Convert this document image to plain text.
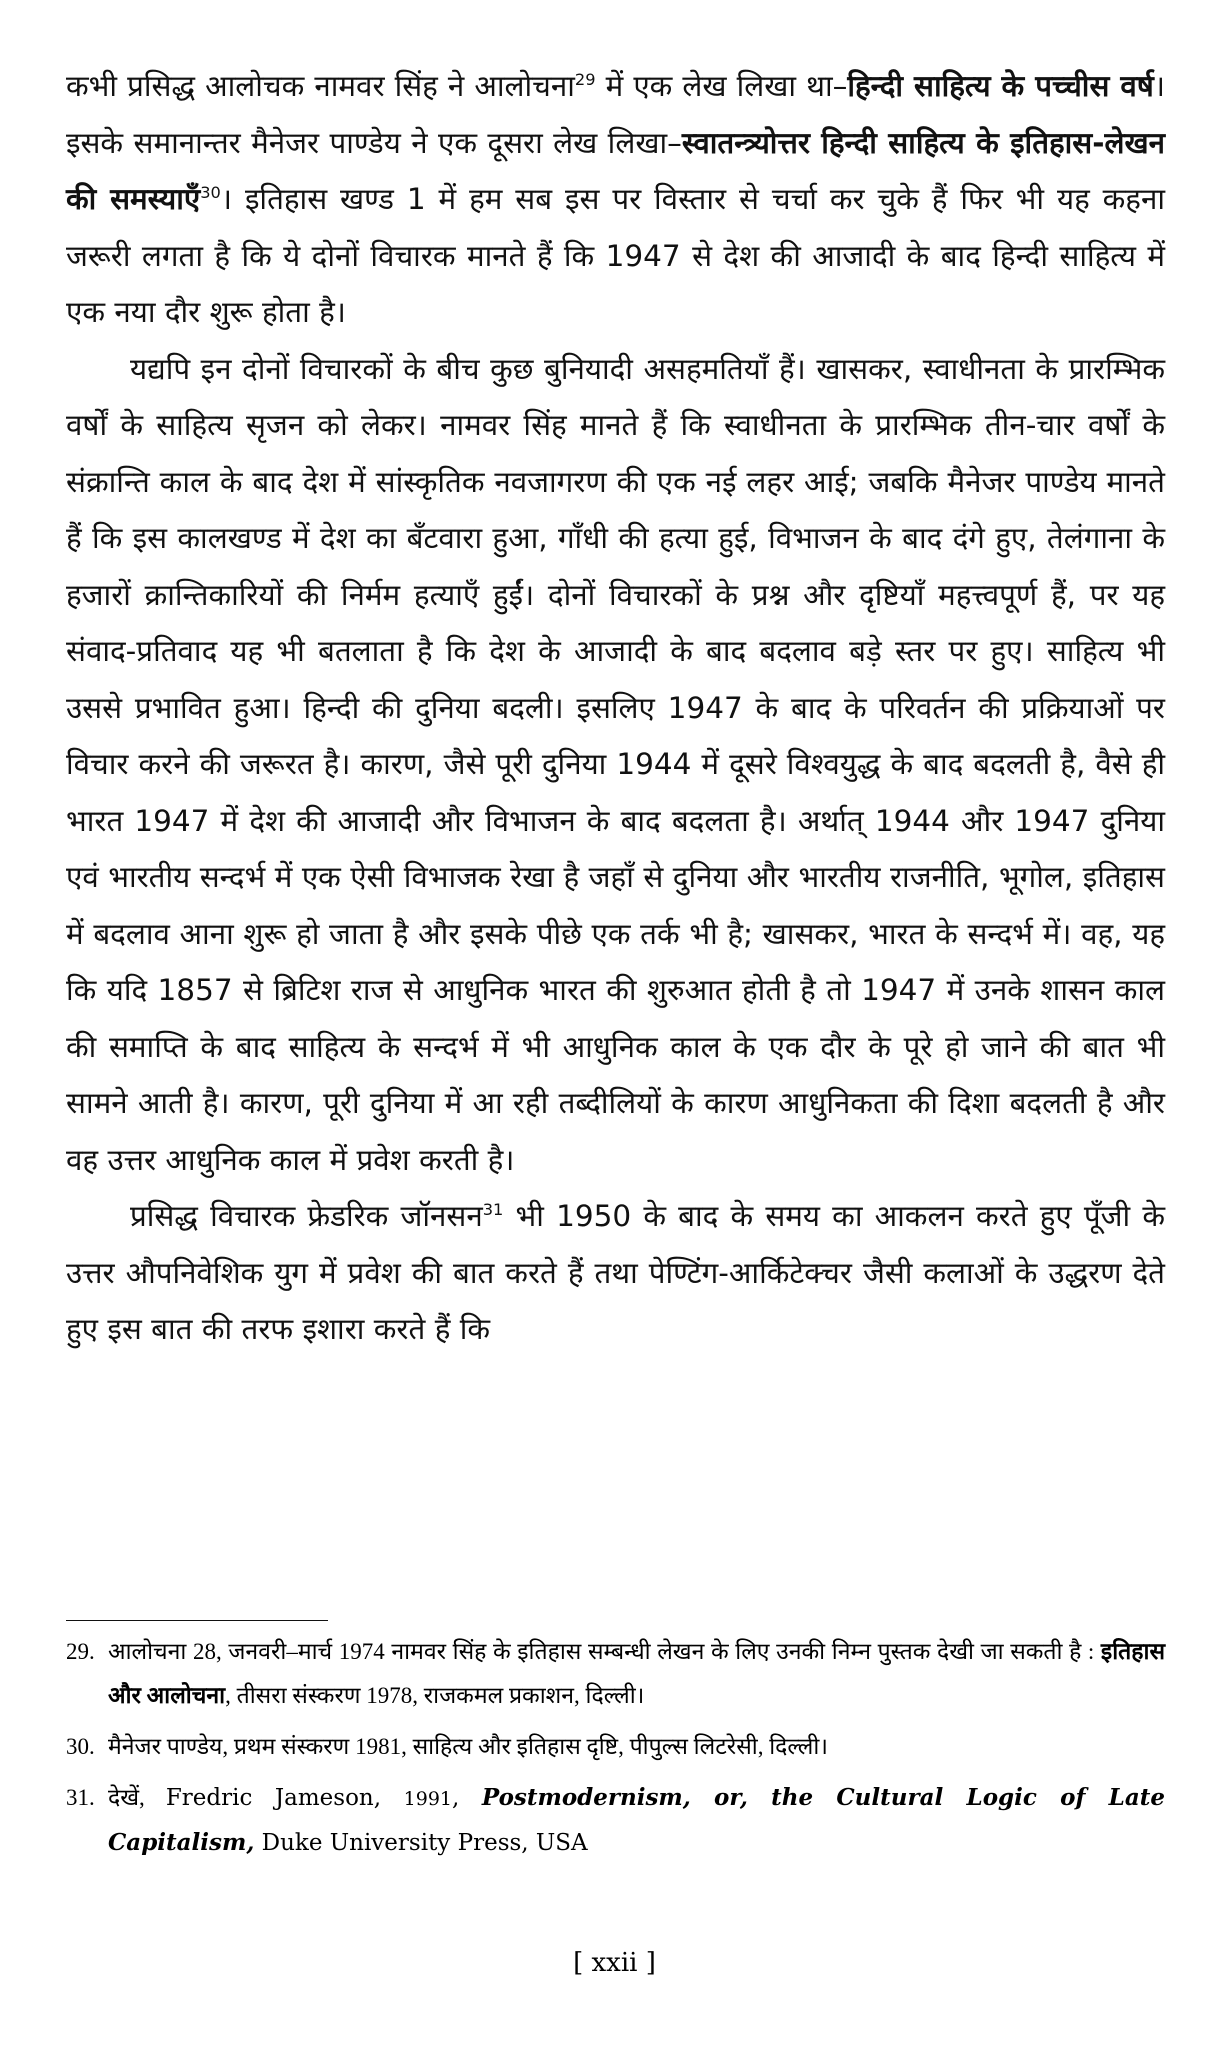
कभी प्रसिद्ध आलोचक नामवर सिंह ने आलोचना$^{29}$ में एक लेख लिखा था–हिन्दी साहित्य के पच्चीस वर्ष। इसके समानान्तर मैनेजर पाण्डेय ने एक दूसरा लेख लिखा–स्वातन्त्र्योत्तर हिन्दी साहित्य के इतिहास-लेखन की समस्याएँ$^{30}$। इतिहास खण्ड 1 में हम सब इस पर विस्तार से चर्चा कर चुके हैं फिर भी यह कहना जरूरी लगता है कि ये दोनों विचारक मानते हैं कि 1947 से देश की आजादी के बाद हिन्दी साहित्य में एक नया दौर शुरू होता है।

यद्यपि इन दोनों विचारकों के बीच कुछ बुनियादी असहमतियाँ हैं। खासकर, स्वाधीनता के प्रारम्भिक वर्षों के साहित्य सृजन को लेकर। नामवर सिंह मानते हैं कि स्वाधीनता के प्रारम्भिक तीन-चार वर्षों के संक्रान्ति काल के बाद देश में सांस्कृतिक नवजागरण की एक नई लहर आई; जबकि मैनेजर पाण्डेय मानते हैं कि इस कालखण्ड में देश का बँटवारा हुआ, गाँधी की हत्या हुई, विभाजन के बाद दंगे हुए, तेलंगाना के हजारों क्रान्तिकारियों की निर्मम हत्याएँ हुईं। दोनों विचारकों के प्रश्न और दृष्टियाँ महत्त्वपूर्ण हैं, पर यह संवाद-प्रतिवाद यह भी बतलाता है कि देश के आजादी के बाद बदलाव बड़े स्तर पर हुए। साहित्य भी उससे प्रभावित हुआ। हिन्दी की दुनिया बदली। इसलिए 1947 के बाद के परिवर्तन की प्रक्रियाओं पर विचार करने की जरूरत है। कारण, जैसे पूरी दुनिया 1944 में दूसरे विश्वयुद्ध के बाद बदलती है, वैसे ही भारत 1947 में देश की आजादी और विभाजन के बाद बदलता है। अर्थात् 1944 और 1947 दुनिया एवं भारतीय सन्दर्भ में एक ऐसी विभाजक रेखा है जहाँ से दुनिया और भारतीय राजनीति, भूगोल, इतिहास में बदलाव आना शुरू हो जाता है और इसके पीछे एक तर्क भी है; खासकर, भारत के सन्दर्भ में। वह, यह कि यदि 1857 से ब्रिटिश राज से आधुनिक भारत की शुरुआत होती है तो 1947 में उनके शासन काल की समाप्ति के बाद साहित्य के सन्दर्भ में भी आधुनिक काल के एक दौर के पूरे हो जाने की बात भी सामने आती है। कारण, पूरी दुनिया में आ रही तब्दीलियों के कारण आधुनिकता की दिशा बदलती है और वह उत्तर आधुनिक काल में प्रवेश करती है।

प्रसिद्ध विचारक फ्रेडरिक जॉनसन$^{31}$ भी 1950 के बाद के समय का आकलन करते हुए पूँजी के उत्तर औपनिवेशिक युग में प्रवेश की बात करते हैं तथा पेण्टिंग-आर्किटेक्चर जैसी कलाओं के उद्धरण देते हुए इस बात की तरफ इशारा करते हैं कि

29. आलोचना 28, जनवरी–मार्च 1974 नामवर सिंह के इतिहास सम्बन्धी लेखन के लिए उनकी निम्न पुस्तक देखी जा सकती है : इतिहास और आलोचना, तीसरा संस्करण 1978, राजकमल प्रकाशन, दिल्ली।

30. मैनेजर पाण्डेय, प्रथम संस्करण 1981, साहित्य और इतिहास दृष्टि, पीपुल्स लिटरेसी, दिल्ली।

31. देखें, Fredric Jameson, 1991, Postmodernism, or, the Cultural Logic of Late Capitalism, Duke University Press, USA

[ xxii ]
